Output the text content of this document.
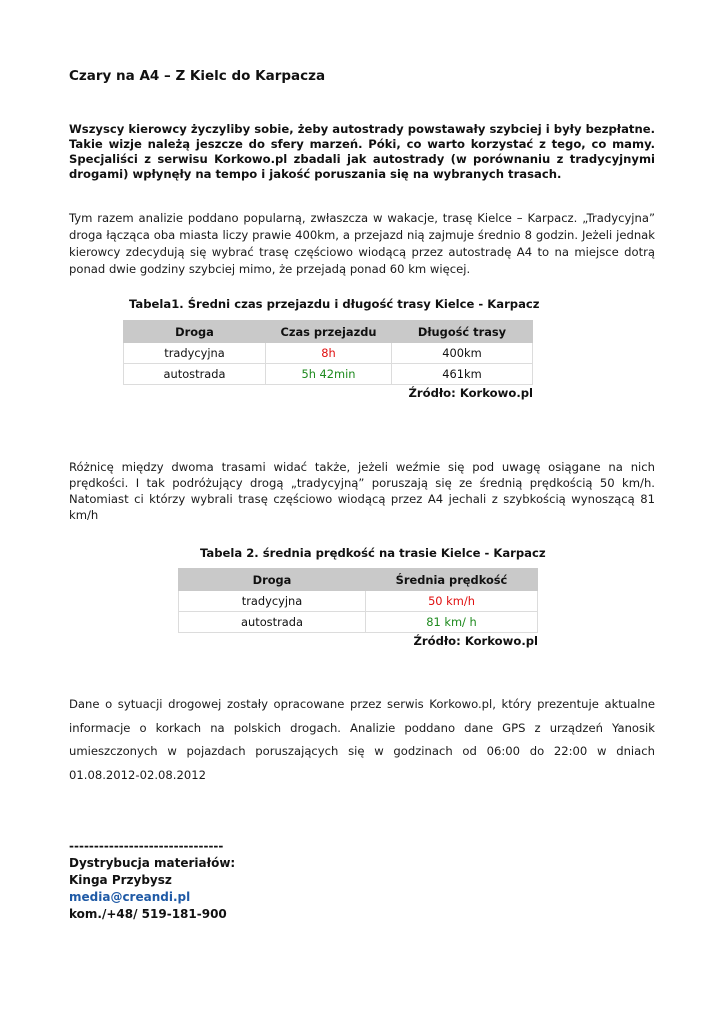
Czary na A4 – Z Kielc do Karpacza
Wszyscy kierowcy życzyliby sobie, żeby autostrady powstawały szybciej i były bezpłatne. Takie wizje należą jeszcze do sfery marzeń. Póki, co warto korzystać z tego, co mamy. Specjaliści z serwisu Korkowo.pl zbadali jak autostrady (w porównaniu z tradycyjnymi drogami) wpłynęły na tempo i jakość poruszania się na wybranych trasach.
Tym razem analizie poddano popularną, zwłaszcza w wakacje, trasę Kielce – Karpacz. „Tradycyjna” droga łącząca oba miasta liczy prawie 400km, a przejazd nią zajmuje średnio 8 godzin. Jeżeli jednak kierowcy zdecydują się wybrać trasę częściowo wiodącą przez autostradę A4 to na miejsce dotrą ponad dwie godziny szybciej mimo, że przejadą ponad 60 km więcej.
Tabela1. Średni czas przejazdu i długość trasy Kielce - Karpacz
Droga	Czas przejazdu	Długość trasy
tradycyjna	8h	400km
autostrada	5h 42min	461km
Źródło: Korkowo.pl
Różnicę między dwoma trasami widać także, jeżeli weźmie się pod uwagę osiągane na nich prędkości. I tak podróżujący drogą „tradycyjną” poruszają się ze średnią prędkością 50 km/h. Natomiast ci którzy wybrali trasę częściowo wiodącą przez A4 jechali z szybkością wynoszącą 81 km/h
Tabela 2. średnia prędkość na trasie Kielce - Karpacz
Droga	Średnia prędkość
tradycyjna	50 km/h
autostrada	81 km/ h
Źródło: Korkowo.pl
Dane o sytuacji drogowej zostały opracowane przez serwis Korkowo.pl, który prezentuje aktualne informacje o korkach na polskich drogach. Analizie poddano dane GPS z urządzeń Yanosik umieszczonych w pojazdach poruszających się w godzinach od 06:00 do 22:00 w dniach 01.08.2012-02.08.2012
-------------------------------
Dystrybucja materiałów:
Kinga Przybysz
media@creandi.pl
kom./+48/ 519-181-900
